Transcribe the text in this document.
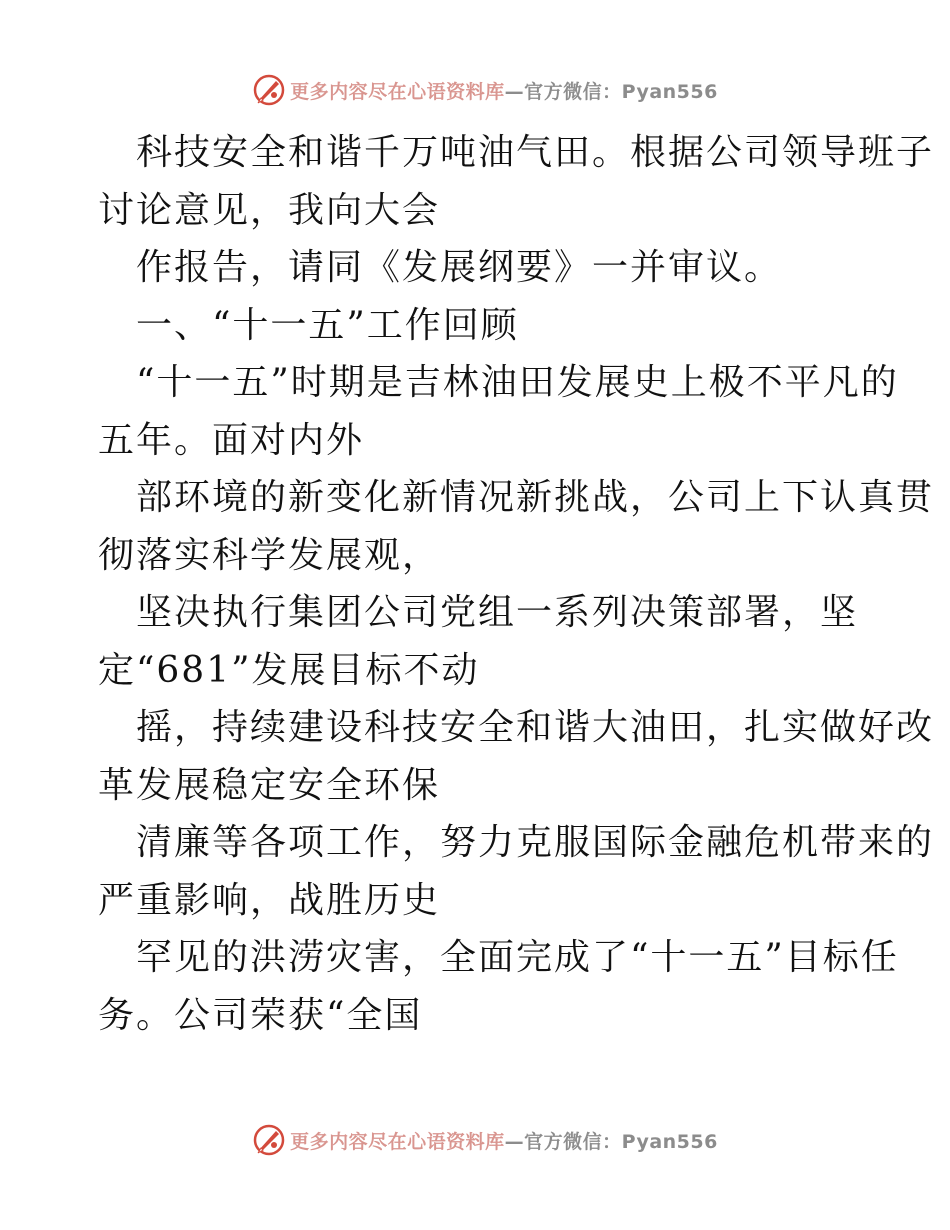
更多内容尽在心语资料库—官方微信：Pyan556
科技安全和谐千万吨油气田。根据公司领导班子
讨论意见，我向大会
作报告，请同《发展纲要》一并审议。
一、“十一五”工作回顾
“十一五”时期是吉林油田发展史上极不平凡的
五年。面对内外
部环境的新变化新情况新挑战，公司上下认真贯
彻落实科学发展观，
坚决执行集团公司党组一系列决策部署，坚
定“681”发展目标不动
摇，持续建设科技安全和谐大油田，扎实做好改
革发展稳定安全环保
清廉等各项工作，努力克服国际金融危机带来的
严重影响，战胜历史
罕见的洪涝灾害，全面完成了“十一五”目标任
务。公司荣获“全国
更多内容尽在心语资料库—官方微信：Pyan556
